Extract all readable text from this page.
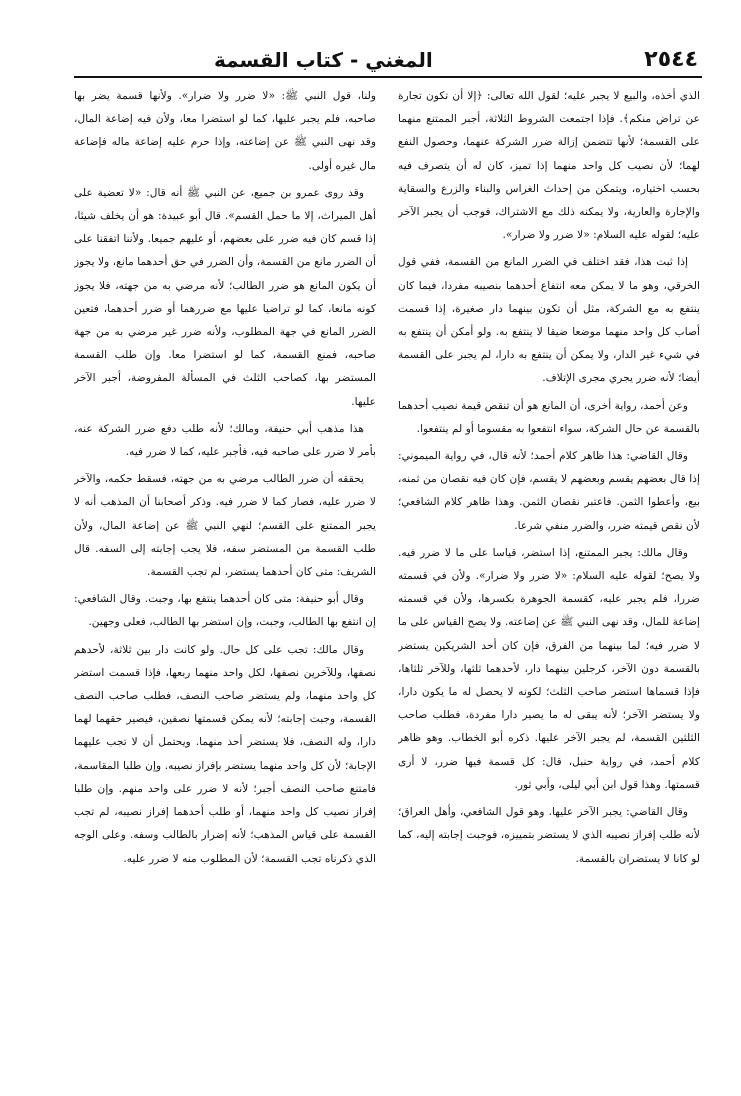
٢٥٤٤
المغني - كتاب القسمة

الذي أخذه، والبيع لا يجبر عليه؛ لقول الله تعالى: ﴿إلا أن تكون تجارة عن تراض منكم﴾. فإذا اجتمعت الشروط الثلاثة، أجبر الممتنع منهما على القسمة؛ لأنها تتضمن إزالة ضرر الشركة عنهما، وحصول النفع لهما؛ لأن نصيب كل واحد منهما إذا تميز، كان له أن يتصرف فيه بحسب اختياره، ويتمكن من إحداث الغراس والبناء والزرع والسقاية والإجارة والعارية، ولا يمكنه ذلك مع الاشتراك، فوجب أن يجبر الآخر عليه؛ لقوله عليه السلام: «لا ضرر ولا ضرار».

إذا ثبت هذا، فقد اختلف في الضرر المانع من القسمة، ففي قول الخرقي، وهو ما لا يمكن معه انتفاع أحدهما بنصيبه مفردا، فيما كان ينتفع به مع الشركة، مثل أن تكون بينهما دار صغيرة، إذا قسمت أصاب كل واحد منهما موضعا ضيقا لا ينتفع به. ولو أمكن أن ينتفع به في شيء غير الدار، ولا يمكن أن ينتفع به دارا، لم يجبر على القسمة أيضا؛ لأنه ضرر يجري مجرى الإتلاف.

وعن أحمد، رواية أخرى، أن المانع هو أن تنقص قيمة نصيب أحدهما بالقسمة عن حال الشركة، سواء انتفعوا به مقسوما أو لم ينتفعوا.

وقال القاضي: هذا ظاهر كلام أحمد؛ لأنه قال، في رواية الميموني: إذا قال بعضهم يقسم وبعضهم لا يقسم، فإن كان فيه نقصان من ثمنه، بيع، وأعطوا الثمن. فاعتبر نقصان الثمن. وهذا ظاهر كلام الشافعي؛ لأن نقص قيمته ضرر، والضرر منفي شرعا.

وقال مالك: يجبر الممتنع، إذا استضر، قياسا على ما لا ضرر فيه. ولا يصح؛ لقوله عليه السلام: «لا ضرر ولا ضرار». ولأن في قسمته ضررا، فلم يجبر عليه، كقسمة الجوهرة بكسرها، ولأن في قسمته إضاعة للمال، وقد نهى النبي ﷺ عن إضاعته. ولا يصح القياس على ما لا ضرر فيه؛ لما بينهما من الفرق، فإن كان أحد الشريكين يستضر بالقسمة دون الآخر، كرجلين بينهما دار، لأحدهما ثلثها، وللآخر ثلثاها، فإذا قسماها استضر صاحب الثلث؛ لكونه لا يحصل له ما يكون دارا، ولا يستضر الآخر؛ لأنه يبقى له ما يصير دارا مفردة، فطلب صاحب الثلثين القسمة، لم يجبر الآخر عليها. ذكره أبو الخطاب. وهو ظاهر كلام أحمد، في رواية حنبل، قال: كل قسمة فيها ضرر، لا أرى قسمتها. وهذا قول ابن أبي ليلى، وأبي ثور.

وقال القاضي: يجبر الآخر عليها. وهو قول الشافعي، وأهل العراق؛ لأنه طلب إفراز نصيبه الذي لا يستضر بتمييزه، فوجبت إجابته إليه، كما لو كانا لا يستضران بالقسمة.

ولنا، قول النبي ﷺ: «لا ضرر ولا ضرار». ولأنها قسمة يضر بها صاحبه، فلم يجبر عليها، كما لو استضرا معا، ولأن فيه إضاعة المال، وقد نهى النبي ﷺ عن إضاعته، وإذا حرم عليه إضاعة ماله فإضاعة مال غيره أولى.

وقد روى عمرو بن جميع، عن النبي ﷺ أنه قال: «لا تعضية على أهل الميراث، إلا ما حمل القسم». قال أبو عبيدة: هو أن يخلف شيئا، إذا قسم كان فيه ضرر على بعضهم، أو عليهم جميعا. ولأننا اتفقنا على أن الضرر مانع من القسمة، وأن الضرر في حق أحدهما مانع، ولا يجوز أن يكون المانع هو ضرر الطالب؛ لأنه مرضي به من جهته، فلا يجوز كونه مانعا، كما لو تراضيا عليها مع ضررهما أو ضرر أحدهما، فتعين الضرر المانع في جهة المطلوب، ولأنه ضرر غير مرضي به من جهة صاحبه، فمنع القسمة، كما لو استضرا معا. وإن طلب القسمة المستضر بها، كصاحب الثلث في المسألة المفروضة، أجبر الآخر عليها.

هذا مذهب أبي حنيفة، ومالك؛ لأنه طلب دفع ضرر الشركة عنه، بأمر لا ضرر على صاحبه فيه، فأجبر عليه، كما لا ضرر فيه.

يحققه أن ضرر الطالب مرضي به من جهته، فسقط حكمه، والآخر لا ضرر عليه، فصار كما لا ضرر فيه. وذكر أصحابنا أن المذهب أنه لا يجبر الممتنع على القسم؛ لنهي النبي ﷺ عن إضاعة المال، ولأن طلب القسمة من المستضر سفه، فلا يجب إجابته إلى السفه. قال الشريف: متى كان أحدهما يستضر، لم تجب القسمة.

وقال أبو حنيفة: متى كان أحدهما ينتفع بها، وجبت. وقال الشافعي: إن انتفع بها الطالب، وجبت، وإن استضر بها الطالب، فعلى وجهين.

وقال مالك: تجب على كل حال. ولو كانت دار بين ثلاثة، لأحدهم نصفها، وللآخرين نصفها، لكل واحد منهما ربعها، فإذا قسمت استضر كل واحد منهما، ولم يستضر صاحب النصف، فطلب صاحب النصف القسمة، وجبت إجابته؛ لأنه يمكن قسمتها نصفين، فيصير حقهما لهما دارا، وله النصف، فلا يستضر أحد منهما. ويحتمل أن لا تجب عليهما الإجابة؛ لأن كل واحد منهما يستضر بإفراز نصيبه. وإن طلبا المقاسمة، فامتنع صاحب النصف أجبر؛ لأنه لا ضرر على واحد منهم. وإن طلبا إفراز نصيب كل واحد منهما، أو طلب أحدهما إفراز نصيبه، لم تجب القسمة على قياس المذهب؛ لأنه إضرار بالطالب وسفه. وعلى الوجه الذي ذكرناه تجب القسمة؛ لأن المطلوب منه لا ضرر عليه.
